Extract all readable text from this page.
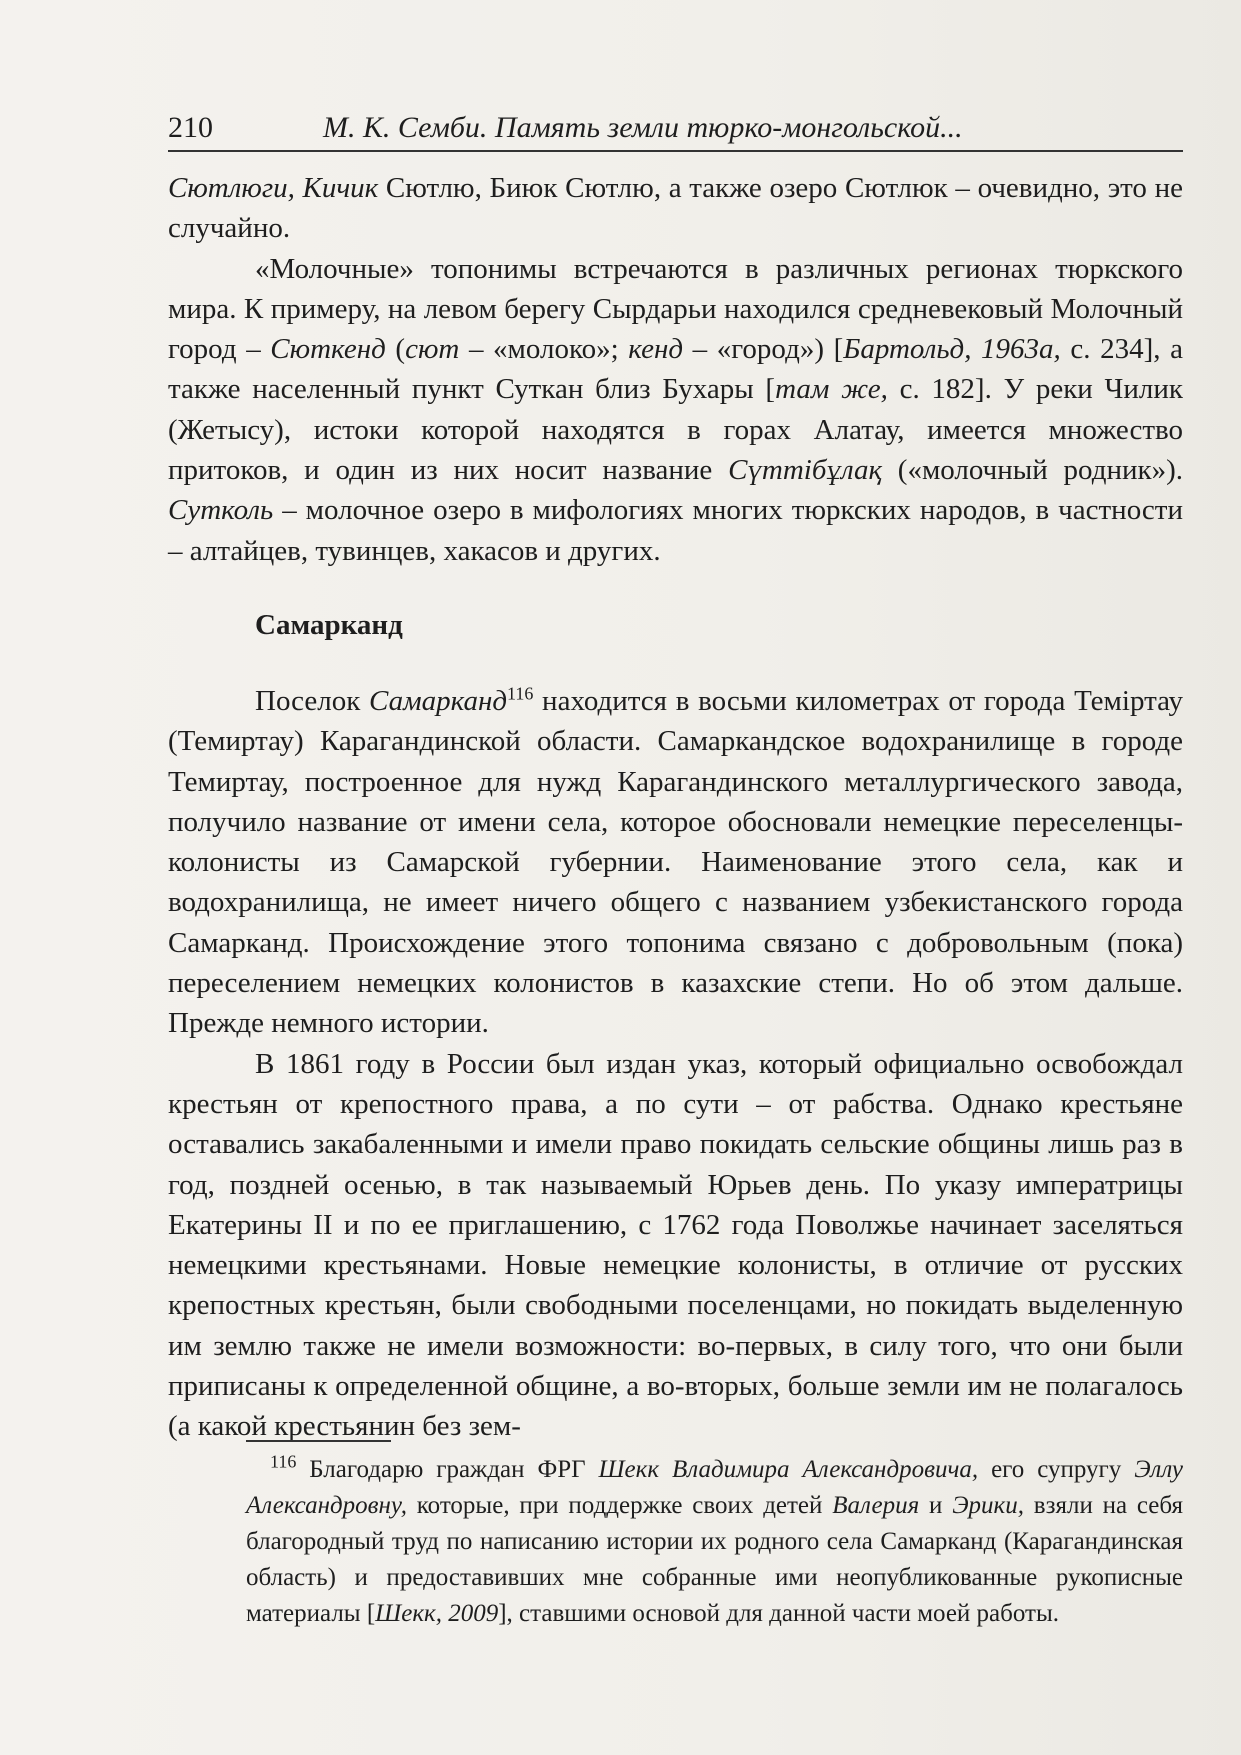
210	М. К. Семби. Память земли тюрко-монгольской...

Сютлюги, Кичик Сютлю, Биюк Сютлю, а также озеро Сютлюк – очевидно, это не случайно.

«Молочные» топонимы встречаются в различных регионах тюркского мира. К примеру, на левом берегу Сырдарьи находился средневековый Молочный город – Сюткенд (сют – «молоко»; кенд – «город») [Бартольд, 1963а, с. 234], а также населенный пункт Суткан близ Бухары [там же, с. 182]. У реки Чилик (Жетысу), истоки которой находятся в горах Алатау, имеется множество притоков, и один из них носит название Сүттібұлақ («молочный родник»). Сутколь – молочное озеро в мифологиях многих тюркских народов, в частности – алтайцев, тувинцев, хакасов и других.

Самарканд

Поселок Самарканд$^{116}$ находится в восьми километрах от города Теміртау (Темиртау) Карагандинской области. Самаркандское водохранилище в городе Темиртау, построенное для нужд Карагандинского металлургического завода, получило название от имени села, которое обосновали немецкие переселенцы-колонисты из Самарской губернии. Наименование этого села, как и водохранилища, не имеет ничего общего с названием узбекистанского города Самарканд. Происхождение этого топонима связано с добровольным (пока) переселением немецких колонистов в казахские степи. Но об этом дальше. Прежде немного истории.

В 1861 году в России был издан указ, который официально освобождал крестьян от крепостного права, а по сути – от рабства. Однако крестьяне оставались закабаленными и имели право покидать сельские общины лишь раз в год, поздней осенью, в так называемый Юрьев день. По указу императрицы Екатерины II и по ее приглашению, с 1762 года Поволжье начинает заселяться немецкими крестьянами. Новые немецкие колонисты, в отличие от русских крепостных крестьян, были свободными поселенцами, но покидать выделенную им землю также не имели возможности: во-первых, в силу того, что они были приписаны к определенной общине, а во-вторых, больше земли им не полагалось (а какой крестьянин без зем-

$^{116}$ Благодарю граждан ФРГ Шекк Владимира Александровича, его супругу Эллу Александровну, которые, при поддержке своих детей Валерия и Эрики, взяли на себя благородный труд по написанию истории их родного села Самарканд (Карагандинская область) и предоставивших мне собранные ими неопубликованные рукописные материалы [Шекк, 2009], ставшими основой для данной части моей работы.
